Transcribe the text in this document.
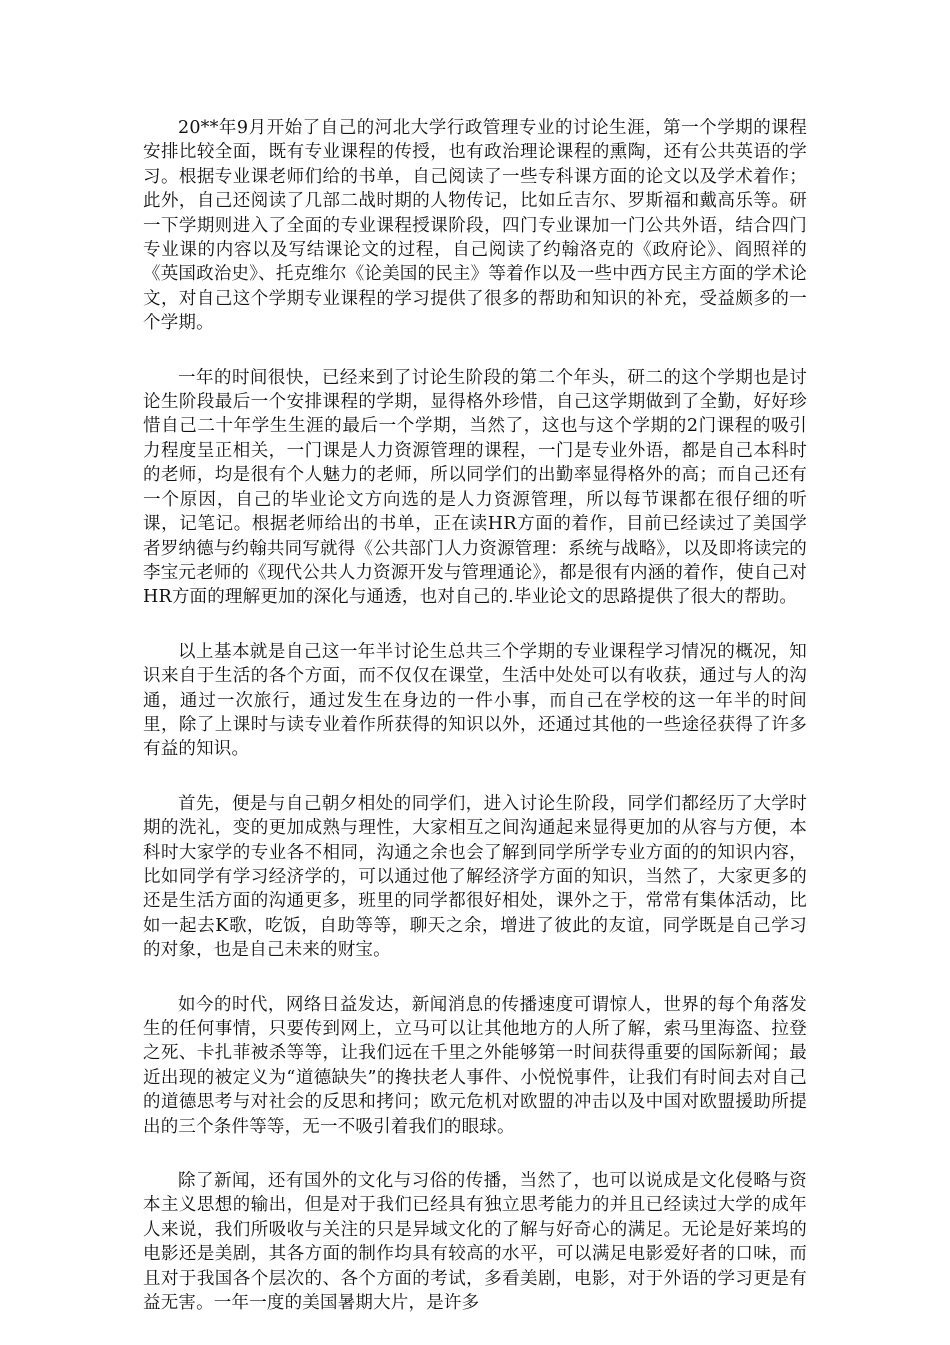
20**年9月开始了自己的河北大学行政管理专业的讨论生涯，第一个学期的课程安排比较全面，既有专业课程的传授，也有政治理论课程的熏陶，还有公共英语的学习。根据专业课老师们给的书单，自己阅读了一些专科课方面的论文以及学术着作；此外，自己还阅读了几部二战时期的人物传记，比如丘吉尔、罗斯福和戴高乐等。研一下学期则进入了全面的专业课程授课阶段，四门专业课加一门公共外语，结合四门专业课的内容以及写结课论文的过程，自己阅读了约翰洛克的《政府论》、阎照祥的《英国政治史》、托克维尔《论美国的民主》等着作以及一些中西方民主方面的学术论文，对自己这个学期专业课程的学习提供了很多的帮助和知识的补充，受益颇多的一个学期。

一年的时间很快，已经来到了讨论生阶段的第二个年头，研二的这个学期也是讨论生阶段最后一个安排课程的学期，显得格外珍惜，自己这学期做到了全勤，好好珍惜自己二十年学生生涯的最后一个学期，当然了，这也与这个学期的2门课程的吸引力程度呈正相关，一门课是人力资源管理的课程，一门是专业外语，都是自己本科时的老师，均是很有个人魅力的老师，所以同学们的出勤率显得格外的高；而自己还有一个原因，自己的毕业论文方向选的是人力资源管理，所以每节课都在很仔细的听课，记笔记。根据老师给出的书单，正在读HR方面的着作，目前已经读过了美国学者罗纳德与约翰共同写就得《公共部门人力资源管理：系统与战略》，以及即将读完的李宝元老师的《现代公共人力资源开发与管理通论》，都是很有内涵的着作，使自己对HR方面的理解更加的深化与通透，也对自己的.毕业论文的思路提供了很大的帮助。

以上基本就是自己这一年半讨论生总共三个学期的专业课程学习情况的概况，知识来自于生活的各个方面，而不仅仅在课堂，生活中处处可以有收获，通过与人的沟通，通过一次旅行，通过发生在身边的一件小事，而自己在学校的这一年半的时间里，除了上课时与读专业着作所获得的知识以外，还通过其他的一些途径获得了许多有益的知识。

首先，便是与自己朝夕相处的同学们，进入讨论生阶段，同学们都经历了大学时期的洗礼，变的更加成熟与理性，大家相互之间沟通起来显得更加的从容与方便，本科时大家学的专业各不相同，沟通之余也会了解到同学所学专业方面的的知识内容，比如同学有学习经济学的，可以通过他了解经济学方面的知识，当然了，大家更多的还是生活方面的沟通更多，班里的同学都很好相处，课外之于，常常有集体活动，比如一起去K歌，吃饭，自助等等，聊天之余，增进了彼此的友谊，同学既是自己学习的对象，也是自己未来的财宝。

如今的时代，网络日益发达，新闻消息的传播速度可谓惊人，世界的每个角落发生的任何事情，只要传到网上，立马可以让其他地方的人所了解，索马里海盗、拉登之死、卡扎菲被杀等等，让我们远在千里之外能够第一时间获得重要的国际新闻；最近出现的被定义为“道德缺失”的搀扶老人事件、小悦悦事件，让我们有时间去对自己的道德思考与对社会的反思和拷问；欧元危机对欧盟的冲击以及中国对欧盟援助所提出的三个条件等等，无一不吸引着我们的眼球。

除了新闻，还有国外的文化与习俗的传播，当然了，也可以说成是文化侵略与资本主义思想的输出，但是对于我们已经具有独立思考能力的并且已经读过大学的成年人来说，我们所吸收与关注的只是异域文化的了解与好奇心的满足。无论是好莱坞的电影还是美剧，其各方面的制作均具有较高的水平，可以满足电影爱好者的口味，而且对于我国各个层次的、各个方面的考试，多看美剧，电影，对于外语的学习更是有益无害。一年一度的美国暑期大片，是许多
